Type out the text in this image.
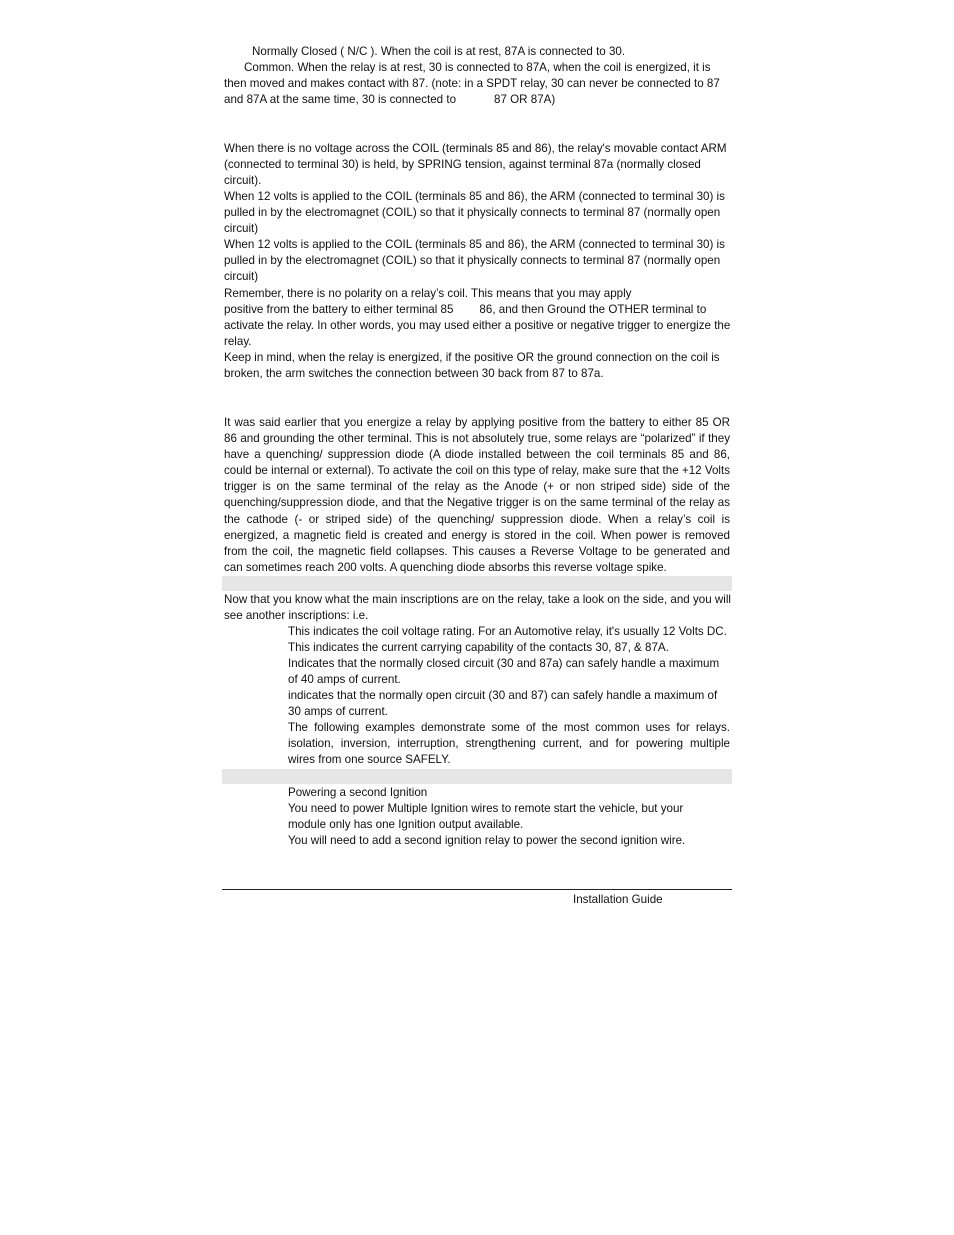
Normally Closed ( N/C ). When the coil is at rest, 87A is connected to 30.

Common. When the relay is at rest, 30 is connected to 87A, when the coil is energized, it is

then moved and makes contact with 87. (note: in a SPDT relay, 30 can never be connected to 87

and 87A at the same time, 30 is connected to	87 OR 87A)

When there is no voltage across the COIL (terminals 85 and 86), the relay's movable contact ARM (connected to terminal 30) is held, by SPRING tension, against terminal 87a (normally closed circuit).

When 12 volts is applied to the COIL (terminals 85 and 86), the ARM (connected to terminal 30) is pulled in by the electromagnet (COIL) so that it physically connects to terminal 87 (normally open circuit)

When 12 volts is applied to the COIL (terminals 85 and 86), the ARM (connected to terminal 30) is pulled in by the electromagnet (COIL) so that it physically connects to terminal 87 (normally open circuit)

Remember, there is no polarity on a relay’s coil. This means that you may apply

positive from the battery to either terminal 85 86, and then Ground the OTHER terminal to

activate the relay. In other words, you may used either a positive or negative trigger to energize the relay.

Keep in mind, when the relay is energized, if the positive OR the ground connection on the coil is broken, the arm switches the connection between 30 back from 87 to 87a.

It was said earlier that you energize a relay by applying positive from the battery to either 85 OR 86 and grounding the other terminal. This is not absolutely true, some relays are “polarized” if they have a quenching/ suppression diode (A diode installed between the coil terminals 85 and 86, could be internal or external). To activate the coil on this type of relay, make sure that the +12 Volts trigger is on the same terminal of the relay as the Anode (+ or non striped side) side of the quenching/suppression diode, and that the Negative trigger is on the same terminal of the relay as the cathode (- or striped side) of the quenching/ suppression diode. When a relay’s coil is energized, a magnetic field is created and energy is stored in the coil. When power is removed from the coil, the magnetic field collapses. This causes a Reverse Voltage to be generated and can sometimes reach 200 volts. A quenching diode absorbs this reverse voltage spike.

Now that you know what the main inscriptions are on the relay, take a look on the side, and you will see another inscriptions: i.e.

This indicates the coil voltage rating. For an Automotive relay, it's usually 12 Volts DC.

This indicates the current carrying capability of the contacts 30, 87, & 87A.

Indicates that the normally closed circuit (30 and 87a) can safely handle a maximum of 40 amps of current.

indicates that the normally open circuit (30 and 87) can safely handle a maximum of 30 amps of current.

The following examples demonstrate some of the most common uses for relays. isolation, inversion, interruption, strengthening current, and for powering multiple wires from one source SAFELY.

Powering a second Ignition

You need to power Multiple Ignition wires to remote start the vehicle, but your module only has one Ignition output available.

You will need to add a second ignition relay to power the second ignition wire.

Installation Guide
